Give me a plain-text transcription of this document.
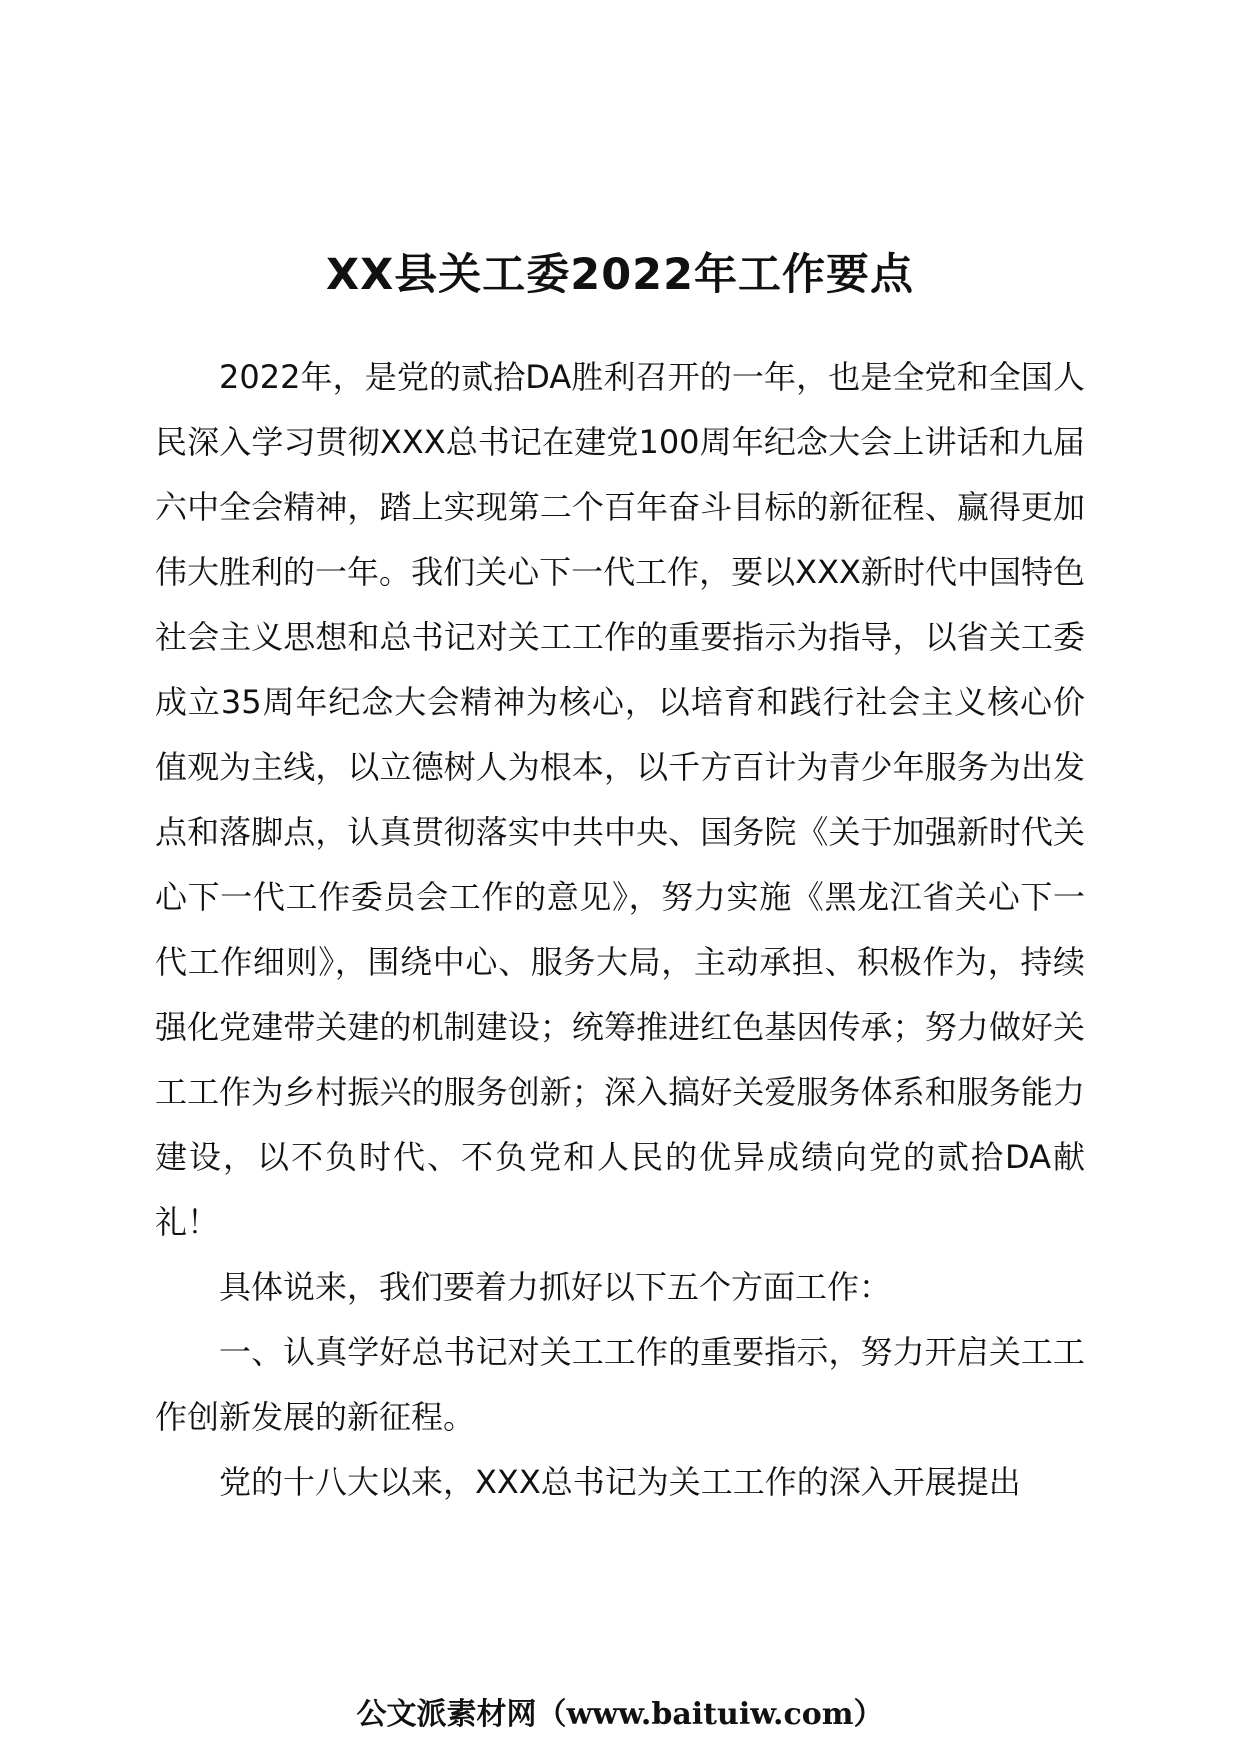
XX县关工委2022年工作要点

2022年，是党的贰拾DA胜利召开的一年，也是全党和全国人民深入学习贯彻XXX总书记在建党100周年纪念大会上讲话和九届六中全会精神，踏上实现第二个百年奋斗目标的新征程、赢得更加伟大胜利的一年。我们关心下一代工作，要以XXX新时代中国特色社会主义思想和总书记对关工工作的重要指示为指导，以省关工委成立35周年纪念大会精神为核心，以培育和践行社会主义核心价值观为主线，以立德树人为根本，以千方百计为青少年服务为出发点和落脚点，认真贯彻落实中共中央、国务院《关于加强新时代关心下一代工作委员会工作的意见》，努力实施《黑龙江省关心下一代工作细则》，围绕中心、服务大局，主动承担、积极作为，持续强化党建带关建的机制建设；统筹推进红色基因传承；努力做好关工工作为乡村振兴的服务创新；深入搞好关爱服务体系和服务能力建设，以不负时代、不负党和人民的优异成绩向党的贰拾DA献礼！

具体说来，我们要着力抓好以下五个方面工作：

一、认真学好总书记对关工工作的重要指示，努力开启关工工作创新发展的新征程。

党的十八大以来，XXX总书记为关工工作的深入开展提出

公文派素材网（www.baituiw.com）
